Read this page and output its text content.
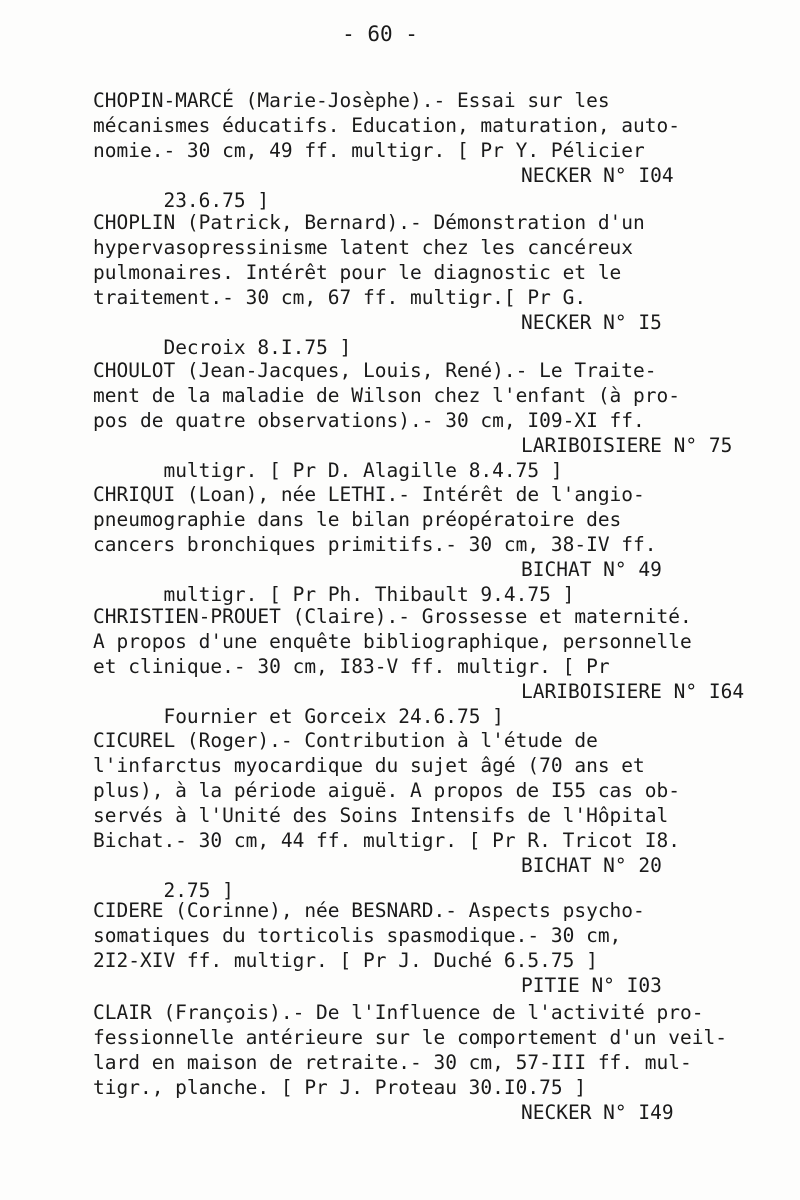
- 60 -
CHOPIN-MARCÉ (Marie-Josèphe).- Essai sur les
mécanismes éducatifs. Education, maturation, auto-
nomie.- 30 cm, 49 ff. multigr. [ Pr Y. Pélicier

23.6.75 ]

NECKER N° I04

CHOPLIN (Patrick, Bernard).- Démonstration d'un
hypervasopressinisme latent chez les cancéreux
pulmonaires. Intérêt pour le diagnostic et le
traitement.- 30 cm, 67 ff. multigr.[ Pr G.

Decroix 8.I.75 ]

NECKER N° I5

CHOULOT (Jean-Jacques, Louis, René).- Le Traite-
ment de la maladie de Wilson chez l'enfant (à pro-
pos de quatre observations).- 30 cm, I09-XI ff.

multigr. [ Pr D. Alagille 8.4.75 ]

LARIBOISIERE N° 75

CHRIQUI (Loan), née LETHI.- Intérêt de l'angio-
pneumographie dans le bilan préopératoire des
cancers bronchiques primitifs.- 30 cm, 38-IV ff.

multigr. [ Pr Ph. Thibault 9.4.75 ]

BICHAT N° 49

CHRISTIEN-PROUET (Claire).- Grossesse et maternité.
A propos d'une enquête bibliographique, personnelle
et clinique.- 30 cm, I83-V ff. multigr. [ Pr

Fournier et Gorceix 24.6.75 ]

LARIBOISIERE N° I64

CICUREL (Roger).- Contribution à l'étude de
l'infarctus myocardique du sujet âgé (70 ans et
plus), à la période aiguë. A propos de I55 cas ob-
servés à l'Unité des Soins Intensifs de l'Hôpital
Bichat.- 30 cm, 44 ff. multigr. [ Pr R. Tricot I8.

2.75 ]

BICHAT N° 20

CIDERE (Corinne), née BESNARD.- Aspects psycho-
somatiques du torticolis spasmodique.- 30 cm,
2I2-XIV ff. multigr. [ Pr J. Duché 6.5.75 ]

PITIE N° I03

CLAIR (François).- De l'Influence de l'activité pro-
fessionnelle antérieure sur le comportement d'un veil-
lard en maison de retraite.- 30 cm, 57-III ff. mul-
tigr., planche. [ Pr J. Proteau 30.I0.75 ]

NECKER N° I49
